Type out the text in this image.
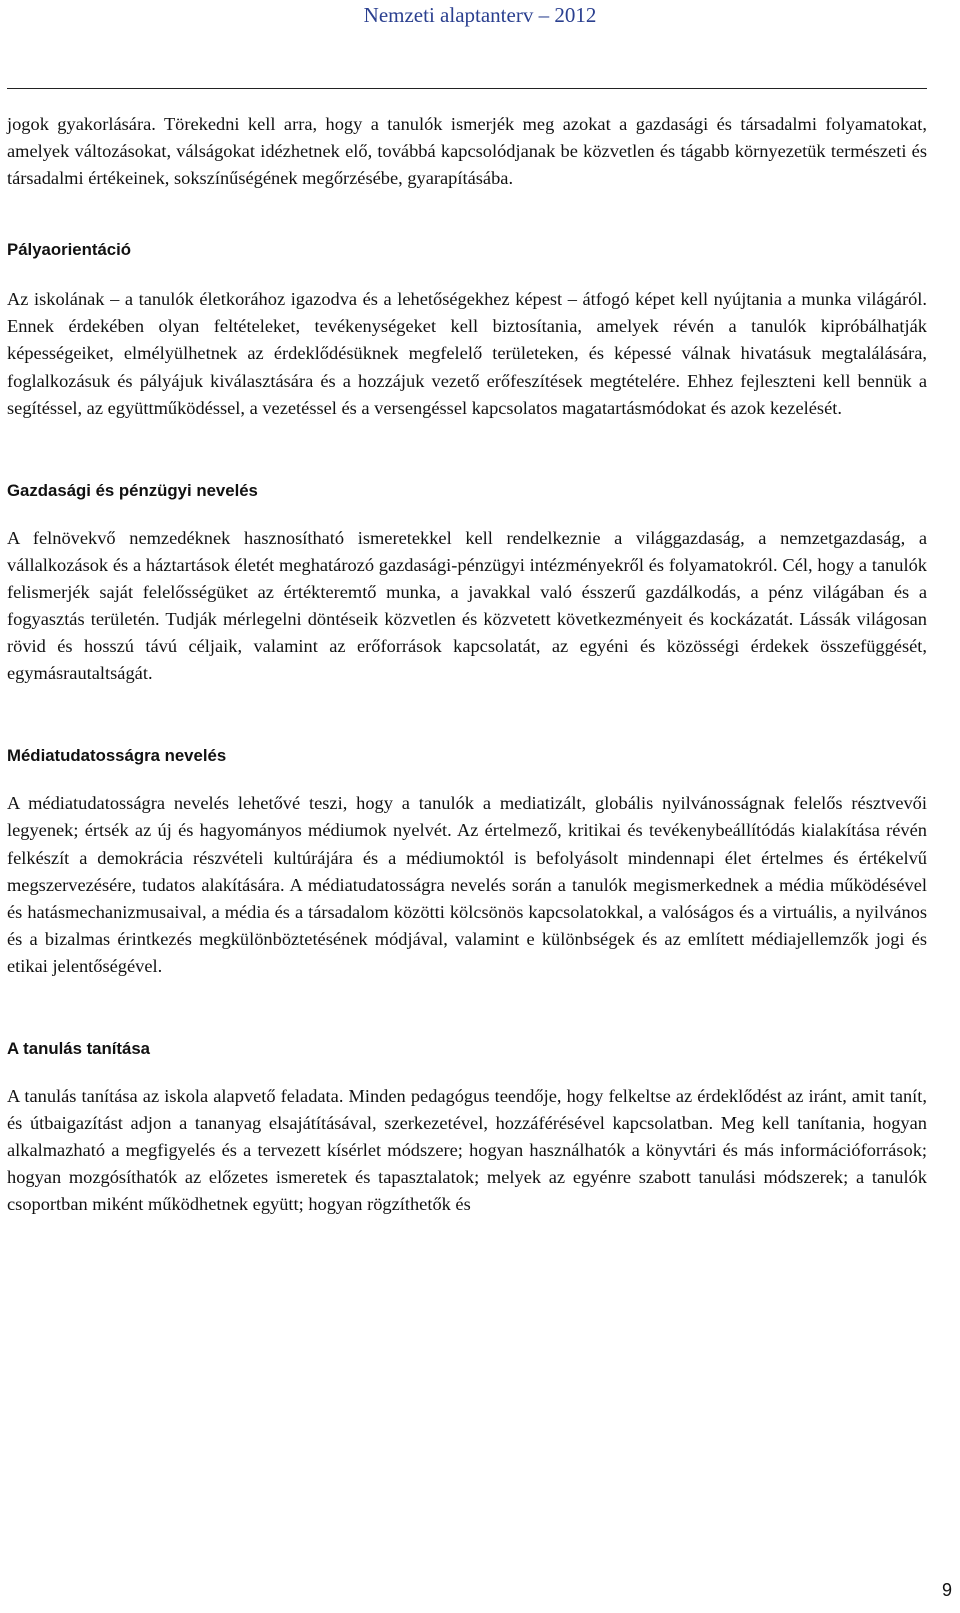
Nemzeti alaptanterv – 2012

jogok gyakorlására. Törekedni kell arra, hogy a tanulók ismerjék meg azokat a gazdasági és társadalmi folyamatokat, amelyek változásokat, válságokat idézhetnek elő, továbbá kapcsolódjanak be közvetlen és tágabb környezetük természeti és társadalmi értékeinek, sokszínűségének megőrzésébe, gyarapításába.

Pályaorientáció

Az iskolának – a tanulók életkorához igazodva és a lehetőségekhez képest – átfogó képet kell nyújtania a munka világáról. Ennek érdekében olyan feltételeket, tevékenységeket kell biztosítania, amelyek révén a tanulók kipróbálhatják képességeiket, elmélyülhetnek az érdeklődésüknek megfelelő területeken, és képessé válnak hivatásuk megtalálására, foglalkozásuk és pályájuk kiválasztására és a hozzájuk vezető erőfeszítések megtételére. Ehhez fejleszteni kell bennük a segítéssel, az együttműködéssel, a vezetéssel és a versengéssel kapcsolatos magatartásmódokat és azok kezelését.

Gazdasági és pénzügyi nevelés

A felnövekvő nemzedéknek hasznosítható ismeretekkel kell rendelkeznie a világgazdaság, a nemzetgazdaság, a vállalkozások és a háztartások életét meghatározó gazdasági-pénzügyi intézményekről és folyamatokról. Cél, hogy a tanulók felismerjék saját felelősségüket az értékteremtő munka, a javakkal való ésszerű gazdálkodás, a pénz világában és a fogyasztás területén. Tudják mérlegelni döntéseik közvetlen és közvetett következményeit és kockázatát. Lássák világosan rövid és hosszú távú céljaik, valamint az erőforrások kapcsolatát, az egyéni és közösségi érdekek összefüggését, egymásrautaltságát.

Médiatudatosságra nevelés

A médiatudatosságra nevelés lehetővé teszi, hogy a tanulók a mediatizált, globális nyilvánosságnak felelős résztvevői legyenek; értsék az új és hagyományos médiumok nyelvét. Az értelmező, kritikai és tevékenybeállítódás kialakítása révén felkészít a demokrácia részvételi kultúrájára és a médiumoktól is befolyásolt mindennapi élet értelmes és értékelvű megszervezésére, tudatos alakítására. A médiatudatosságra nevelés során a tanulók megismerkednek a média működésével és hatásmechanizmusaival, a média és a társadalom közötti kölcsönös kapcsolatokkal, a valóságos és a virtuális, a nyilvános és a bizalmas érintkezés megkülönböztetésének módjával, valamint e különbségek és az említett médiajellemzők jogi és etikai jelentőségével.

A tanulás tanítása

A tanulás tanítása az iskola alapvető feladata. Minden pedagógus teendője, hogy felkeltse az érdeklődést az iránt, amit tanít, és útbaigazítást adjon a tananyag elsajátításával, szerkezetével, hozzáférésével kapcsolatban. Meg kell tanítania, hogyan alkalmazható a megfigyelés és a tervezett kísérlet módszere; hogyan használhatók a könyvtári és más információforrások; hogyan mozgósíthatók az előzetes ismeretek és tapasztalatok; melyek az egyénre szabott tanulási módszerek; a tanulók csoportban miként működhetnek együtt; hogyan rögzíthetők és

9
